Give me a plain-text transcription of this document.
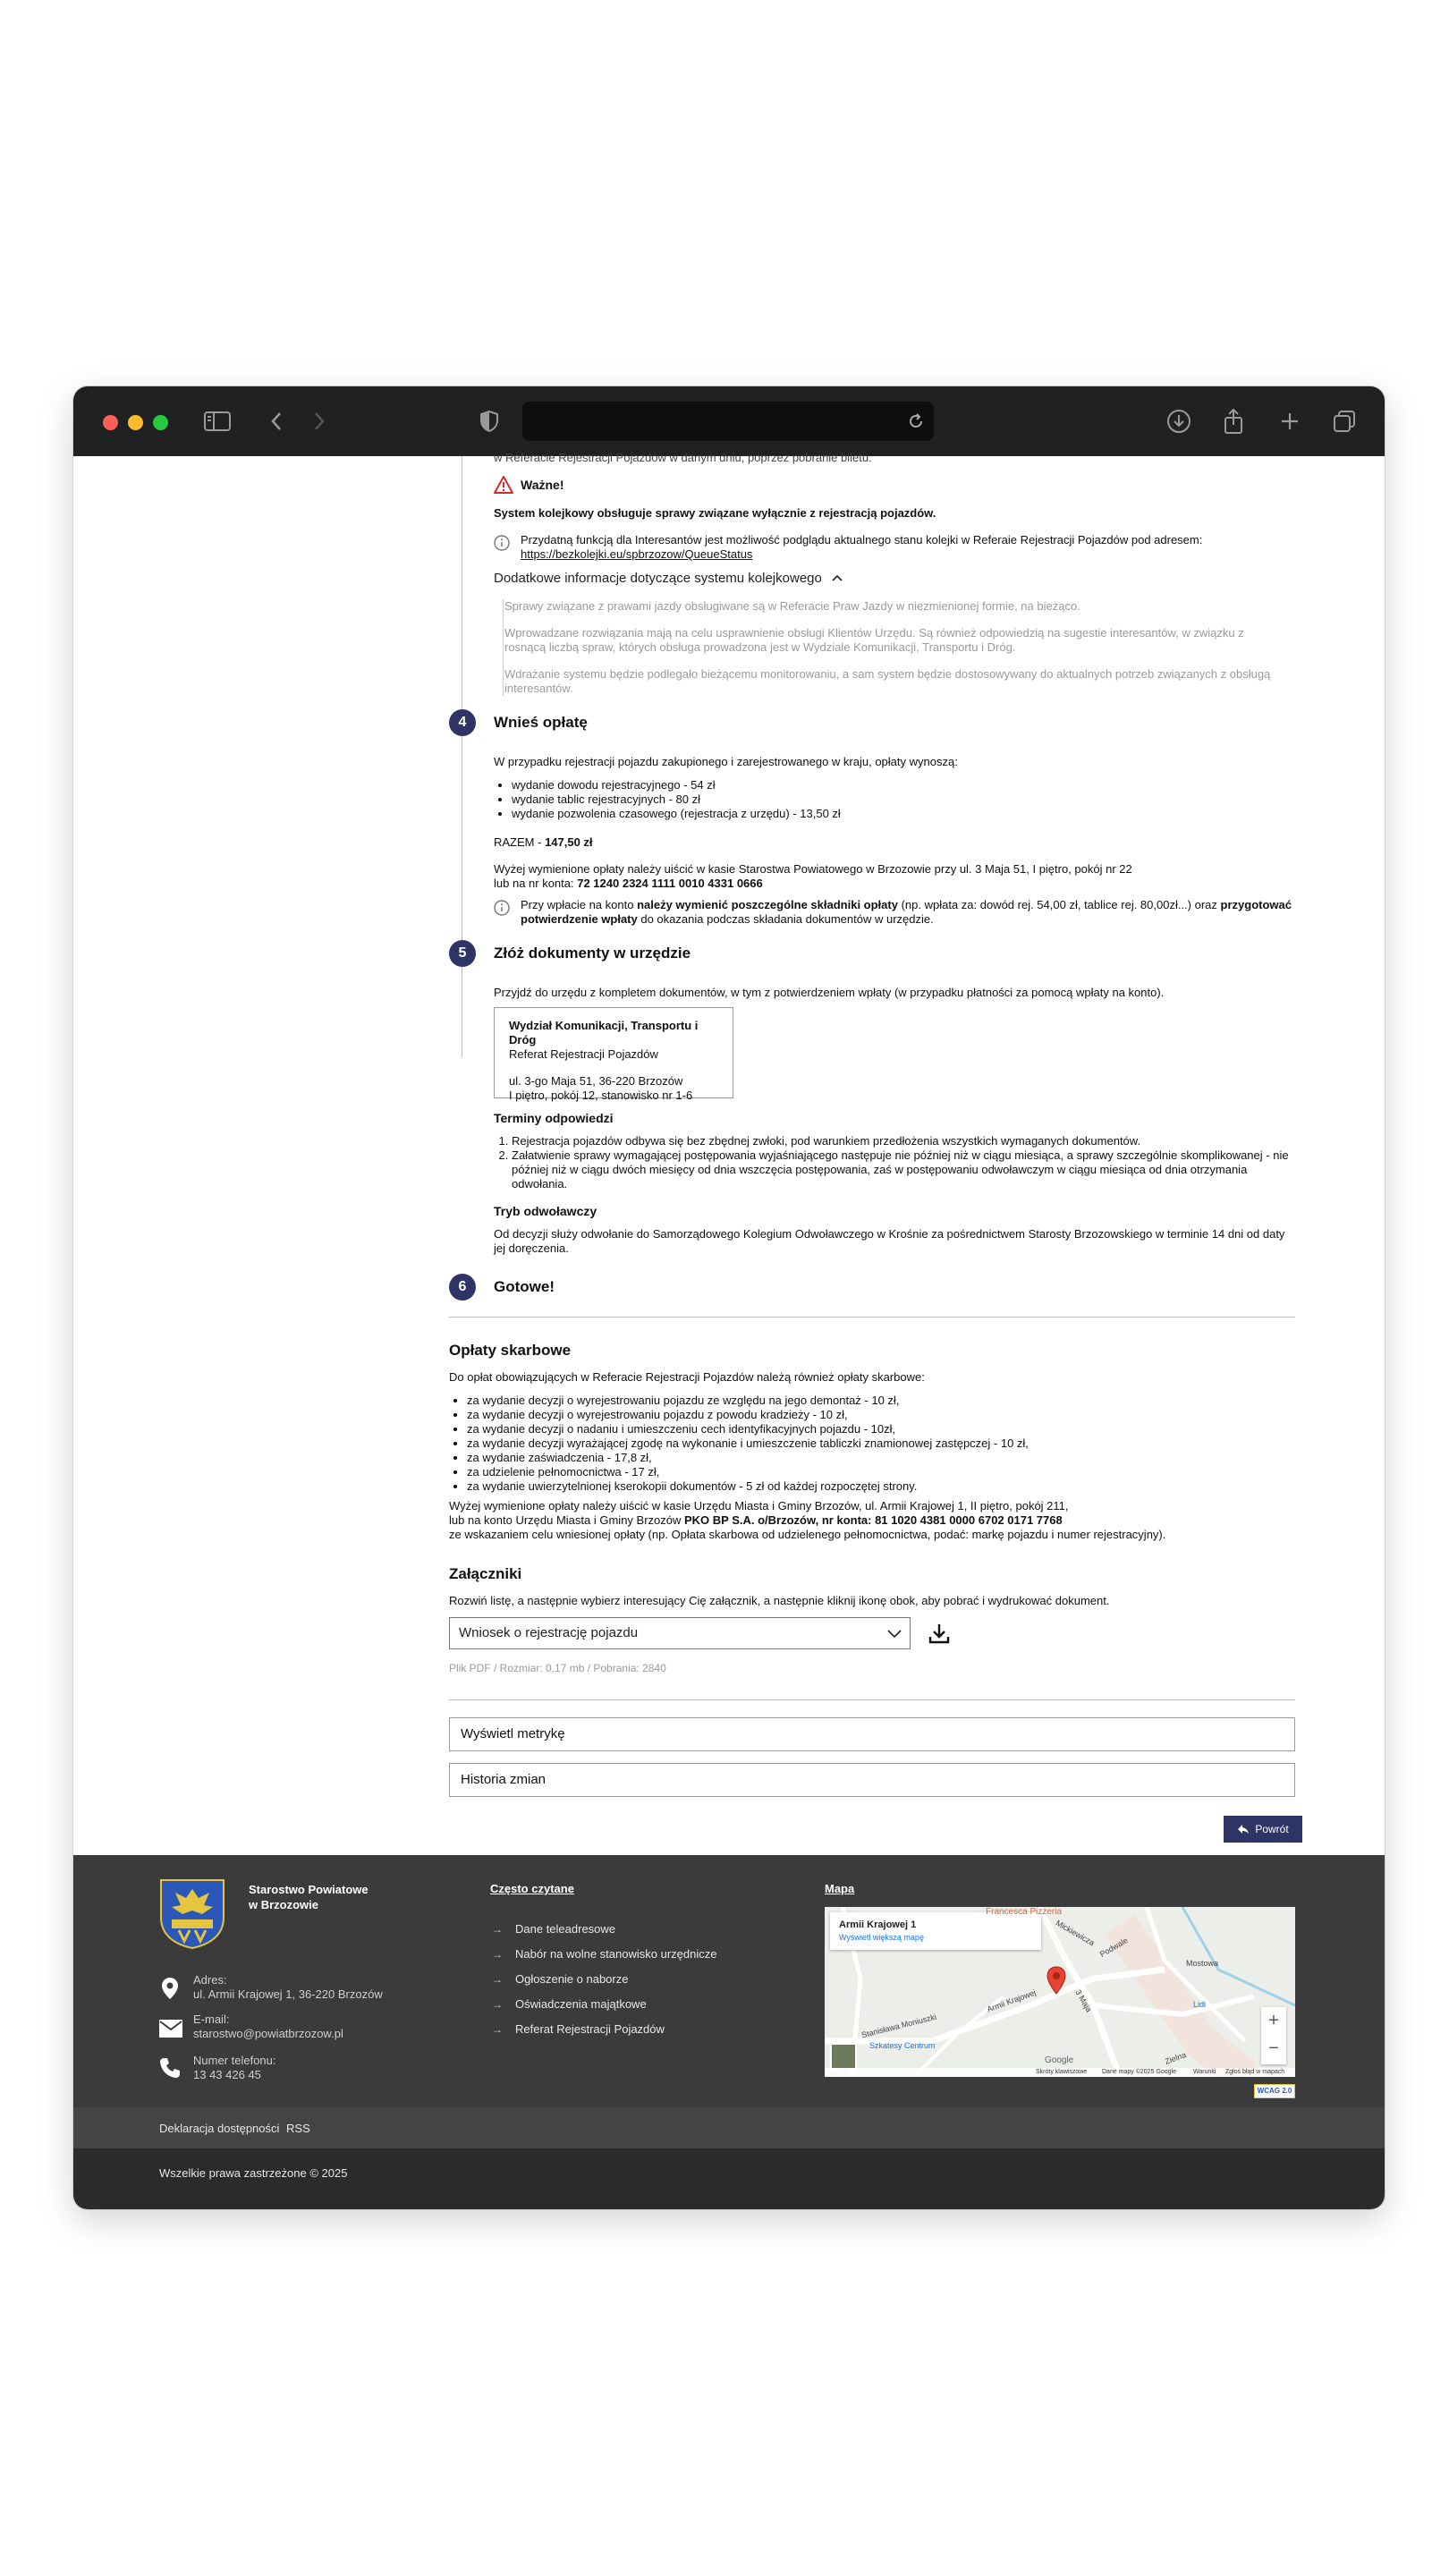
w Referacie Rejestracji Pojazdów w danym dniu, poprzez pobranie biletu.
Ważne!
System kolejkowy obsługuje sprawy związane wyłącznie z rejestracją pojazdów.
Przydatną funkcją dla Interesantów jest możliwość podglądu aktualnego stanu kolejki w Referaie Rejestracji Pojazdów pod adresem:
https://bezkolejki.eu/spbrzozow/QueueStatus
Dodatkowe informacje dotyczące systemu kolejkowego
Sprawy związane z prawami jazdy obsługiwane są w Referacie Praw Jazdy w niezmienionej formie, na bieżąco.
Wprowadzane rozwiązania mają na celu usprawnienie obsługi Klientów Urzędu. Są również odpowiedzią na sugestie interesantów, w związku z rosnącą liczbą spraw, których obsługa prowadzona jest w Wydziale Komunikacji, Transportu i Dróg.
Wdrażanie systemu będzie podlegało bieżącemu monitorowaniu, a sam system będzie dostosowywany do aktualnych potrzeb związanych z obsługą interesantów.
4	Wnieś opłatę
W przypadku rejestracji pojazdu zakupionego i zarejestrowanego w kraju, opłaty wynoszą:
• wydanie dowodu rejestracyjnego - 54 zł
• wydanie tablic rejestracyjnych - 80 zł
• wydanie pozwolenia czasowego (rejestracja z urzędu) - 13,50 zł
RAZEM - 147,50 zł
Wyżej wymienione opłaty należy uiścić w kasie Starostwa Powiatowego w Brzozowie przy ul. 3 Maja 51, I piętro, pokój nr 22
lub na nr konta: 72 1240 2324 1111 0010 4331 0666
Przy wpłacie na konto należy wymienić poszczególne składniki opłaty (np. wpłata za: dowód rej. 54,00 zł, tablice rej. 80,00zł...) oraz przygotować potwierdzenie wpłaty do okazania podczas składania dokumentów w urzędzie.
5	Złóż dokumenty w urzędzie
Przyjdź do urzędu z kompletem dokumentów, w tym z potwierdzeniem wpłaty (w przypadku płatności za pomocą wpłaty na konto).
Wydział Komunikacji, Transportu i Dróg
Referat Rejestracji Pojazdów
ul. 3-go Maja 51, 36-220 Brzozów
I piętro, pokój 12, stanowisko nr 1-6
Terminy odpowiedzi
1. Rejestracja pojazdów odbywa się bez zbędnej zwłoki, pod warunkiem przedłożenia wszystkich wymaganych dokumentów.
2. Załatwienie sprawy wymagającej postępowania wyjaśniającego następuje nie później niż w ciągu miesiąca, a sprawy szczególnie skomplikowanej - nie później niż w ciągu dwóch miesięcy od dnia wszczęcia postępowania, zaś w postępowaniu odwoławczym w ciągu miesiąca od dnia otrzymania odwołania.
Tryb odwoławczy
Od decyzji służy odwołanie do Samorządowego Kolegium Odwoławczego w Krośnie za pośrednictwem Starosty Brzozowskiego w terminie 14 dni od daty jej doręczenia.
6	Gotowe!
Opłaty skarbowe
Do opłat obowiązujących w Referacie Rejestracji Pojazdów należą również opłaty skarbowe:
• za wydanie decyzji o wyrejestrowaniu pojazdu ze względu na jego demontaż - 10 zł,
• za wydanie decyzji o wyrejestrowaniu pojazdu z powodu kradzieży - 10 zł,
• za wydanie decyzji o nadaniu i umieszczeniu cech identyfikacyjnych pojazdu - 10zł,
• za wydanie decyzji wyrażającej zgodę na wykonanie i umieszczenie tabliczki znamionowej zastępczej - 10 zł,
• za wydanie zaświadczenia - 17,8 zł,
• za udzielenie pełnomocnictwa - 17 zł,
• za wydanie uwierzytelnionej kserokopii dokumentów - 5 zł od każdej rozpoczętej strony.
Wyżej wymienione opłaty należy uiścić w kasie Urzędu Miasta i Gminy Brzozów, ul. Armii Krajowej 1, II piętro, pokój 211,
lub na konto Urzędu Miasta i Gminy Brzozów PKO BP S.A. o/Brzozów, nr konta: 81 1020 4381 0000 6702 0171 7768
ze wskazaniem celu wniesionej opłaty (np. Opłata skarbowa od udzielenego pełnomocnictwa, podać: markę pojazdu i numer rejestracyjny).
Załączniki
Rozwiń listę, a następnie wybierz interesujący Cię załącznik, a następnie kliknij ikonę obok, aby pobrać i wydrukować dokument.
Wniosek o rejestrację pojazdu
Plik PDF / Rozmiar: 0.17 mb / Pobrania: 2840
Wyświetl metrykę
Historia zmian
Powrót
Starostwo Powiatowe
w Brzozowie
Adres:
ul. Armii Krajowej 1, 36-220 Brzozów
E-mail:
starostwo@powiatbrzozow.pl
Numer telefonu:
13 43 426 45
Często czytane
→ Dane teleadresowe
→ Nabór na wolne stanowisko urzędnicze
→ Ogłoszenie o naborze
→ Oświadczenia majątkowe
→ Referat Rejestracji Pojazdów
Mapa
Armii Krajowej 1
Wyświetl większą mapę
Francesca Pizzeria
Mickiewicza Podwale
Mostowa
Armii Krajowej
Stanisława Moniuszki
3 Maja
Szkatesy Centrum
Lidl
Zielna
+
−
Google
Skróty klawiszowe Dane mapy ©2025 Google	Warunki Zgłoś błąd w mapach
WCAG 2.0
Deklaracja dostępności RSS
Wszelkie prawa zastrzeżone © 2025
